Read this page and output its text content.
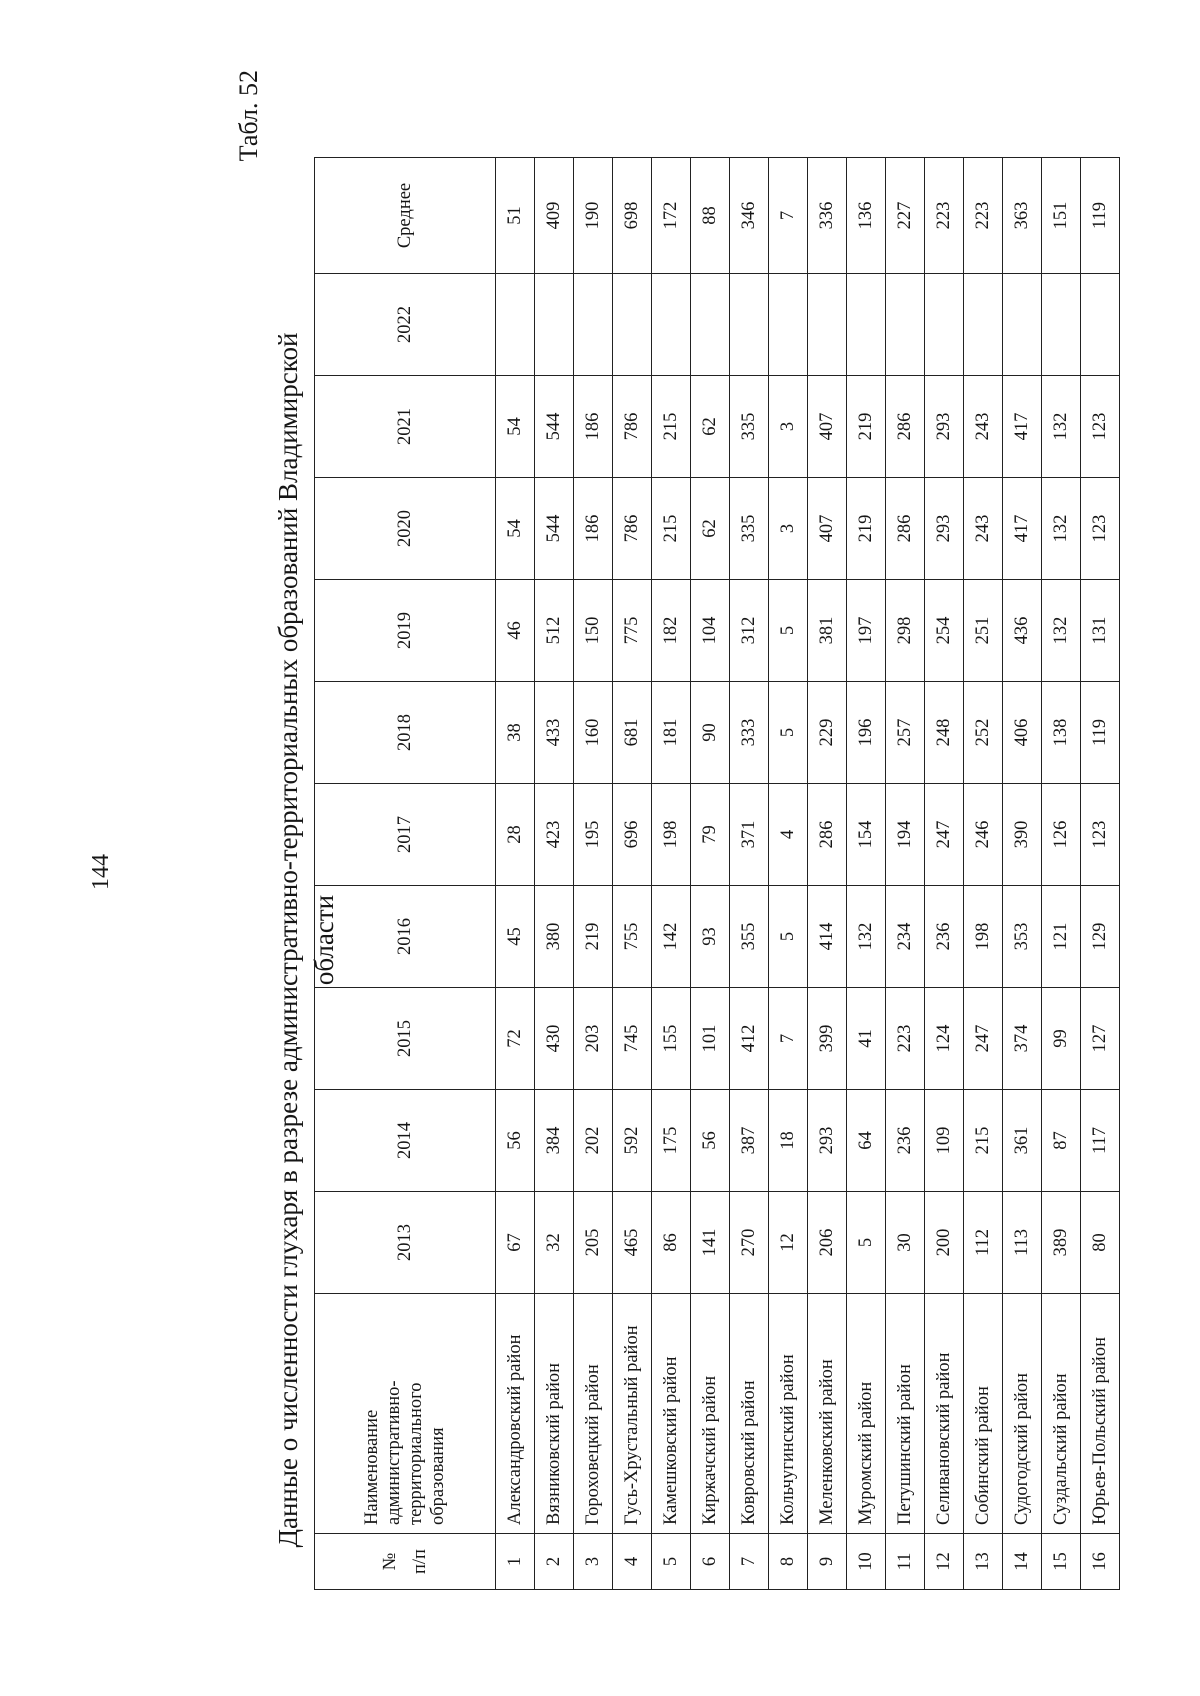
144	Данные о численности глухаря в разрезе административно-территориальных образований Владимирской области
Табл. 52
№ п/п	Наименование административно- территориального образования	2013	2014	2015	2016	2017	2018	2019	2020	2021	2022	Среднее
1	Александровский район	67	56	72	45	28	38	46	54	54		51
2	Вязниковский район	32	384	430	380	423	433	512	544	544		409
3	Гороховецкий район	205	202	203	219	195	160	150	186	186		190
4	Гусь-Хрустальный район	465	592	745	755	696	681	775	786	786		698
5	Камешковский район	86	175	155	142	198	181	182	215	215		172
6	Киржачский район	141	56	101	93	79	90	104	62	62		88
7	Ковровский район	270	387	412	355	371	333	312	335	335		346
8	Кольчугинский район	12	18	7	5	4	5	5	3	3		7
9	Меленковский район	206	293	399	414	286	229	381	407	407		336
10	Муромский район	5	64	41	132	154	196	197	219	219		136
11	Петушинский район	30	236	223	234	194	257	298	286	286		227
12	Селивановский район	200	109	124	236	247	248	254	293	293		223
13	Собинский район	112	215	247	198	246	252	251	243	243		223
14	Судогодский район	113	361	374	353	390	406	436	417	417		363
15	Суздальский район	389	87	99	121	126	138	132	132	132		151
16	Юрьев-Польский район	80	117	127	129	123	119	131	123	123		119
